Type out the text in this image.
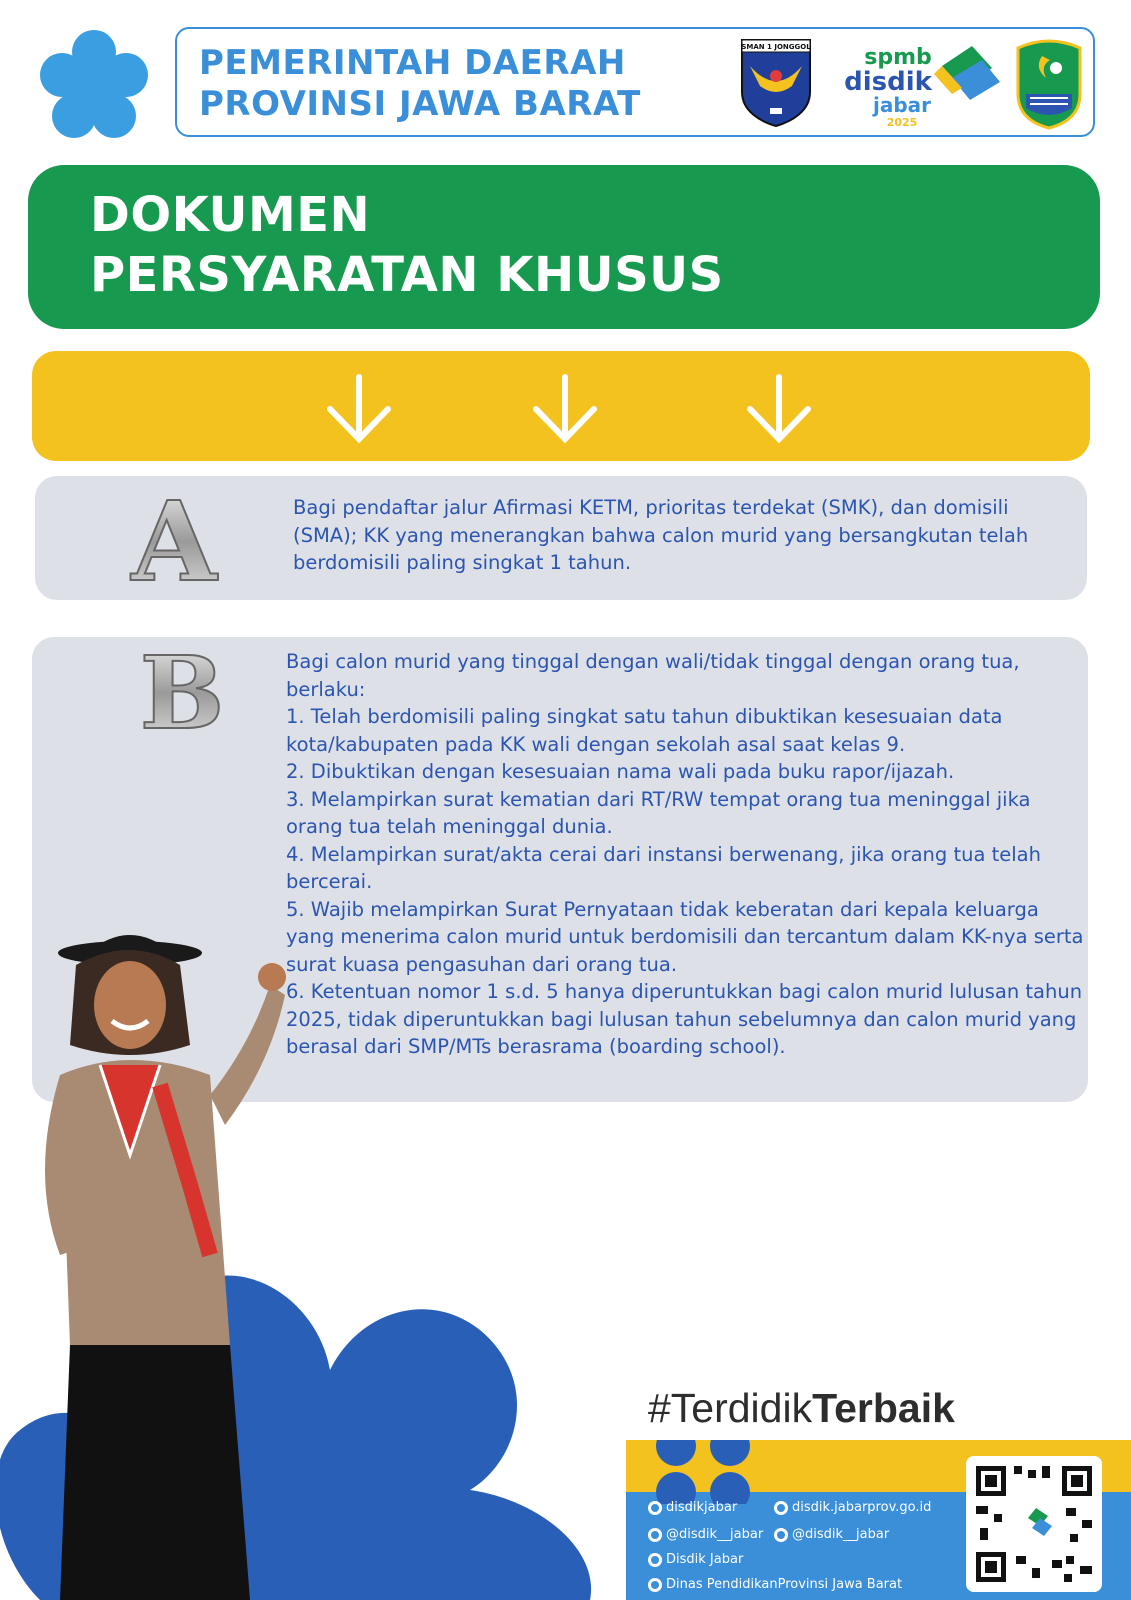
PEMERINTAH DAERAH
PROVINSI JAWA BARAT
SMAN 1 JONGGOL spmb
disdik
jabar
2025
DOKUMEN
PERSYARATAN KHUSUS
A	Bagi pendaftar jalur Afirmasi KETM, prioritas terdekat (SMK), dan domisili (SMA); KK yang menerangkan bahwa calon murid yang bersangkutan telah berdomisili paling singkat 1 tahun.
B	Bagi calon murid yang tinggal dengan wali/tidak tinggal dengan orang tua, berlaku:

1. Telah berdomisili paling singkat satu tahun dibuktikan kesesuaian data kota/kabupaten pada KK wali dengan sekolah asal saat kelas 9.

2. Dibuktikan dengan kesesuaian nama wali pada buku rapor/ijazah.

3. Melampirkan surat kematian dari RT/RW tempat orang tua meninggal jika orang tua telah meninggal dunia.

4. Melampirkan surat/akta cerai dari instansi berwenang, jika orang tua telah bercerai.

5. Wajib melampirkan Surat Pernyataan tidak keberatan dari kepala keluarga yang menerima calon murid untuk berdomisili dan tercantum dalam KK-nya serta surat kuasa pengasuhan dari orang tua.

6. Ketentuan nomor 1 s.d. 5 hanya diperuntukkan bagi calon murid lulusan tahun 2025, tidak diperuntukkan bagi lulusan tahun sebelumnya dan calon murid yang berasal dari SMP/MTs berasrama (boarding school).

#TerdidikTerbaik
disdikjabar	disdik.jabarprov.go.id
@disdik__jabar @disdik__jabar
Disdik Jabar
Dinas PendidikanProvinsi Jawa Barat
